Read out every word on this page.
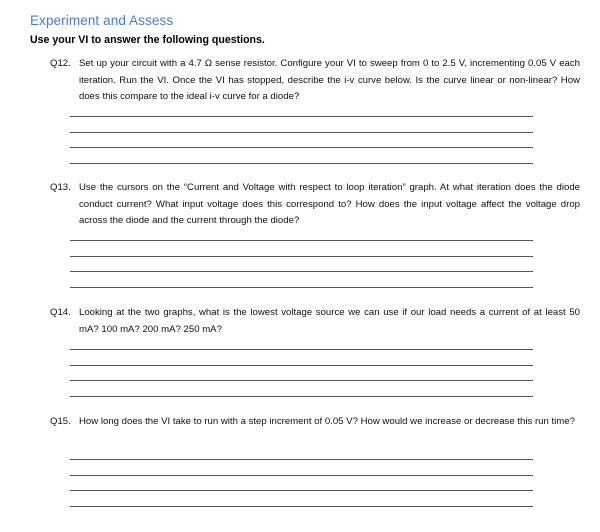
Experiment and Assess
Use your VI to answer the following questions.
Q12. Set up your circuit with a 4.7 Ω sense resistor. Configure your VI to sweep from 0 to 2.5 V, incrementing 0.05 V each iteration. Run the VI. Once the VI has stopped, describe the i-v curve below. Is the curve linear or non-linear? How does this compare to the ideal i-v curve for a diode?
Q13. Use the cursors on the “Current and Voltage with respect to loop iteration” graph. At what iteration does the diode conduct current? What input voltage does this correspond to? How does the input voltage affect the voltage drop across the diode and the current through the diode?
Q14. Looking at the two graphs, what is the lowest voltage source we can use if our load needs a current of at least 50 mA? 100 mA? 200 mA? 250 mA?
Q15. How long does the VI take to run with a step increment of 0.05 V? How would we increase or decrease this run time?
